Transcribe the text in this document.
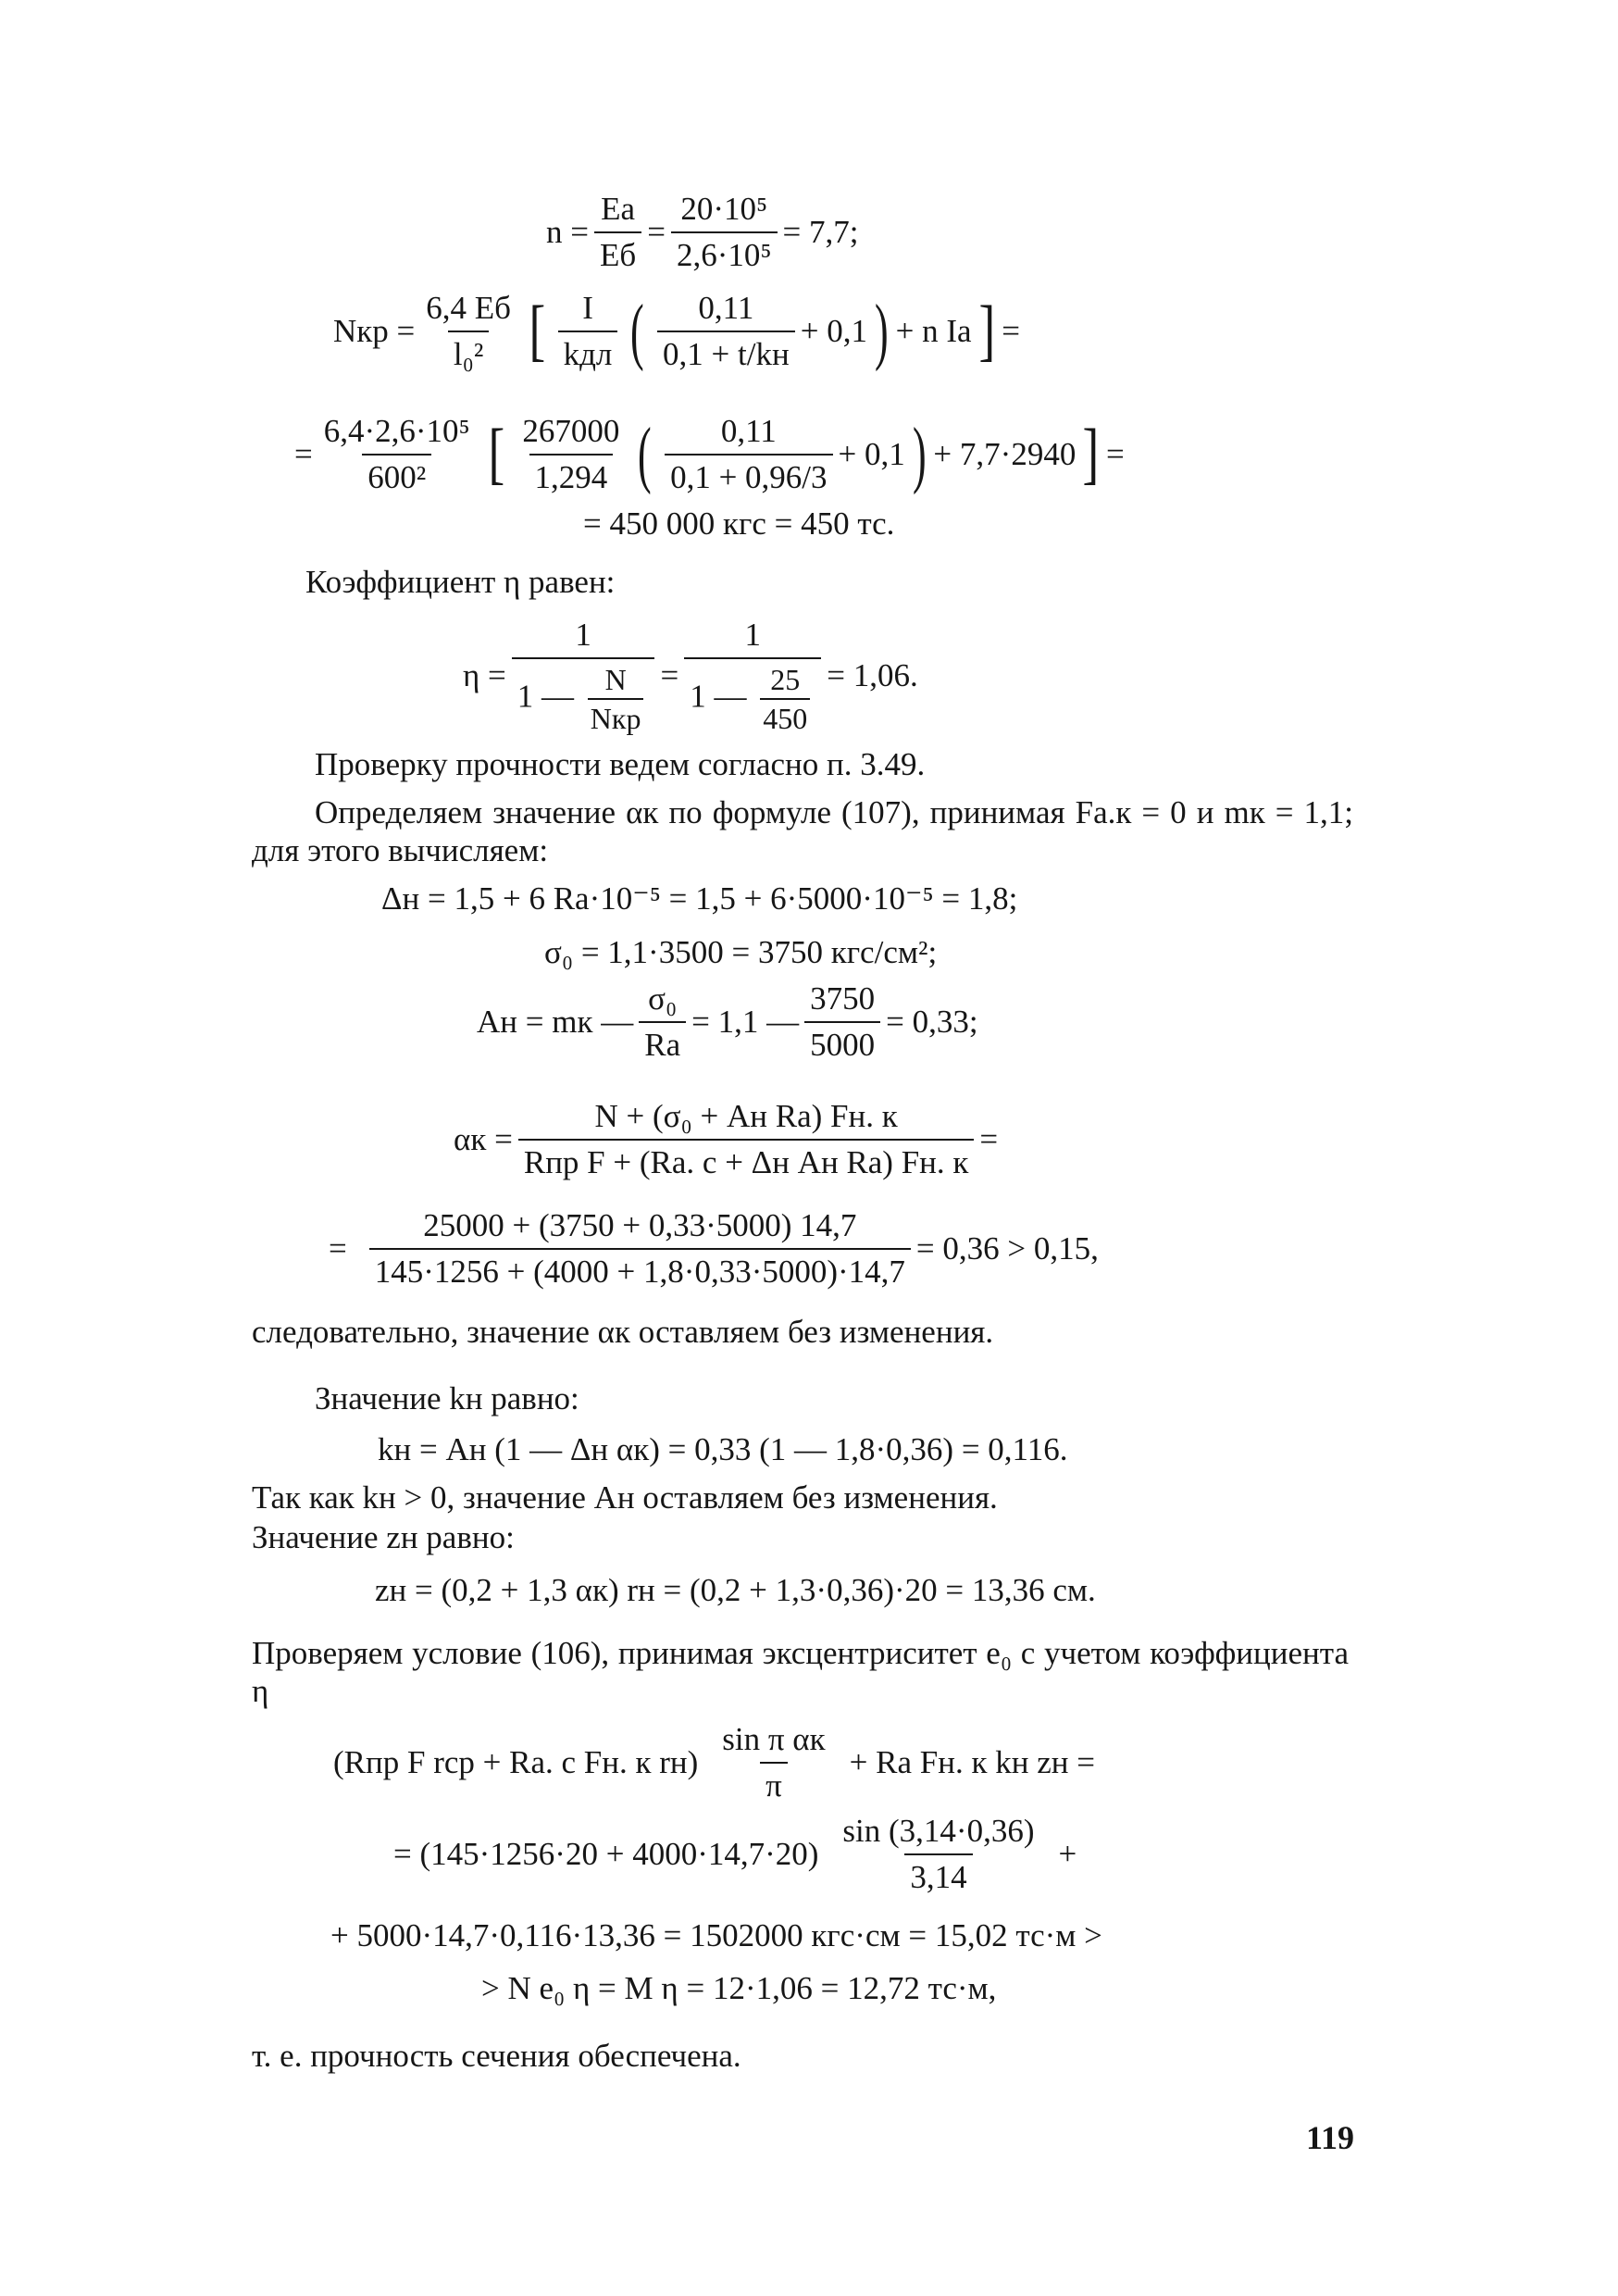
$n = \frac{Eа}{Eб} = \frac{\text{20·10⁵}}{\text{2,6·10⁵}} = 7,7$;
Nкр = $\frac{6,4 Eб}{\text{l₀²}}$ [ $\frac{I}{\text{kдл}}$ ( $\frac{0,11}{0,1 + t/kн} + 0,1$ ) + n Iа ] =
= $\frac{\text{6,4·2,6·10⁵}}{\text{600²}}$ [ $\frac{267000}{1,294}$ ( $\frac{0,11}{0,1 + 0,96/3} + 0,1$ ) + 7,7·2940 ] =
= 450 000 кгс = 450 тс.
Коэффициент η равен:
$\eta = \frac{1}{1 — \frac{N}{\text{Nкр}}} = \frac{1}{1 — \frac{25}{450}} = 1,06$.
Проверку прочности ведем согласно п. 3.49.
Определяем значение αк по формуле (107), принимая Fа.к = 0 и mк = 1,1; для этого вычисляем:
Δн = 1,5 + 6 Rа·10⁻⁵ = 1,5 + 6·5000·10⁻⁵ = 1,8;
σ₀ = 1,1·3500 = 3750 кгс/см²;
Aн = mк — $\frac{\text{σ₀}}{Rа} = 1,1$ — $\frac{3750}{5000} = 0,33$;
$\alpha к = \frac{\text{N + (σ₀ + Aн Rа) Fн. к}}{\text{Rпр F + (Rа. с + Δн Aн Rа) Fн. к}}$ =
= $\frac{25000 + (3750 + 0,33\cdot 5000) 14,7}{145\cdot 1256 + (4000 + 1,8\cdot 0,33\cdot 5000)\cdot 14,7} = 0,36 > 0,15$,
следовательно, значение αк оставляем без изменения.
Значение kн равно:
kн = Aн (1 — Δн αк) = 0,33 (1 — 1,8·0,36) = 0,116.
Так как kн > 0, значение Aн оставляем без изменения.
Значение zн равно:
zн = (0,2 + 1,3 αк) rн = (0,2 + 1,3·0,36)·20 = 13,36 см.
Проверяем условие (106), принимая эксцентриситет e₀ с учетом коэффициента η
(Rпр F rср + Rа. с Fн. к $rн) \frac{\text{sin π αк}}{\pi}$ + Rа Fн. к kн zн =
= $(145\cdot 1256\cdot 20 + 4000\cdot 14,7\cdot 20) \frac{\sin (3,14\cdot 0,36)}{3,14}$ +
+ 5000·14,7·0,116·13,36 = 1502000 кгс·см = 15,02 тс·м >
> N e₀ η = M η = 12·1,06 = 12,72 тс·м,
т. е. прочность сечения обеспечена.
119
